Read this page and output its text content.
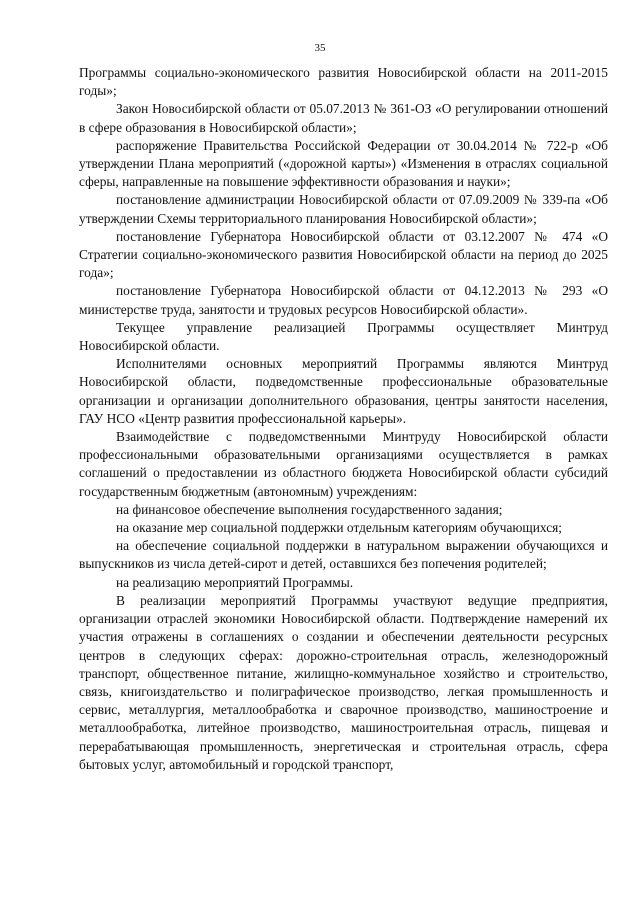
35

Программы социально-экономического развития Новосибирской области на 2011-2015 годы»;

Закон Новосибирской области от 05.07.2013 № 361-ОЗ «О регулировании отношений в сфере образования в Новосибирской области»;

распоряжение Правительства Российской Федерации от 30.04.2014 № 722-р «Об утверждении Плана мероприятий («дорожной карты») «Изменения в отраслях социальной сферы, направленные на повышение эффективности образования и науки»;

постановление администрации Новосибирской области от 07.09.2009 № 339-па «Об утверждении Схемы территориального планирования Новосибирской области»;

постановление Губернатора Новосибирской области от 03.12.2007 № 474 «О Стратегии социально-экономического развития Новосибирской области на период до 2025 года»;

постановление Губернатора Новосибирской области от 04.12.2013 № 293 «О министерстве труда, занятости и трудовых ресурсов Новосибирской области».

Текущее управление реализацией Программы осуществляет Минтруд Новосибирской области.

Исполнителями основных мероприятий Программы являются Минтруд Новосибирской области, подведомственные профессиональные образовательные организации и организации дополнительного образования, центры занятости населения, ГАУ НСО «Центр развития профессиональной карьеры».

Взаимодействие с подведомственными Минтруду Новосибирской области профессиональными образовательными организациями осуществляется в рамках соглашений о предоставлении из областного бюджета Новосибирской области субсидий государственным бюджетным (автономным) учреждениям:

на финансовое обеспечение выполнения государственного задания;

на оказание мер социальной поддержки отдельным категориям обучающихся;

на обеспечение социальной поддержки в натуральном выражении обучающихся и выпускников из числа детей-сирот и детей, оставшихся без попечения родителей;

на реализацию мероприятий Программы.

В реализации мероприятий Программы участвуют ведущие предприятия, организации отраслей экономики Новосибирской области. Подтверждение намерений их участия отражены в соглашениях о создании и обеспечении деятельности ресурсных центров в следующих сферах: дорожно-строительная отрасль, железнодорожный транспорт, общественное питание, жилищно-коммунальное хозяйство и строительство, связь, книгоиздательство и полиграфическое производство, легкая промышленность и сервис, металлургия, металлообработка и сварочное производство, машиностроение и металлообработка, литейное производство, машиностроительная отрасль, пищевая и перерабатывающая промышленность, энергетическая и строительная отрасль, сфера бытовых услуг, автомобильный и городской транспорт,
